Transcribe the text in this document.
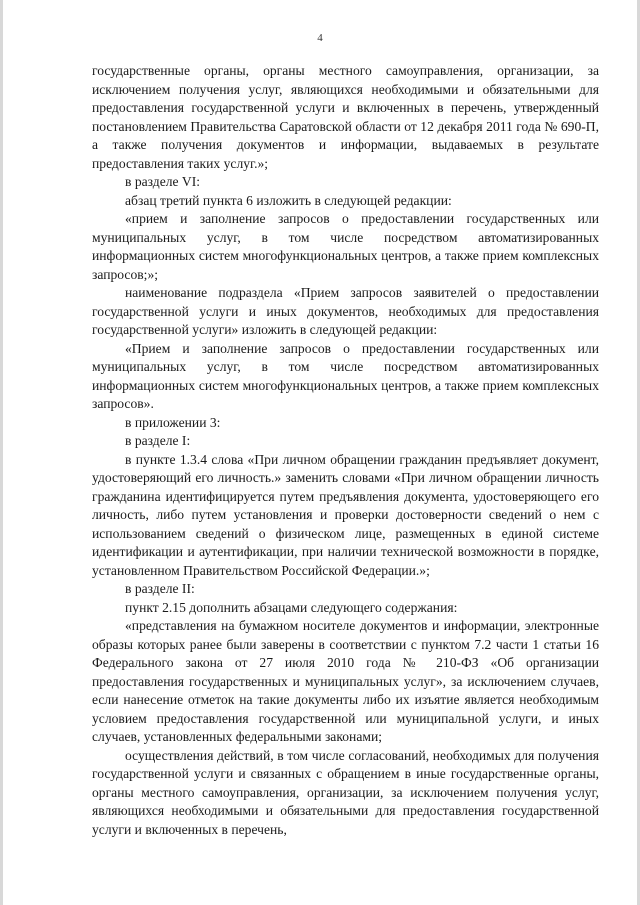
4

государственные органы, органы местного самоуправления, организации, за исключением получения услуг, являющихся необходимыми и обязательными для предоставления государственной услуги и включенных в перечень, утвержденный постановлением Правительства Саратовской области от 12 декабря 2011 года № 690-П, а также получения документов и информации, выдаваемых в результате предоставления таких услуг.»;

в разделе VI:

абзац третий пункта 6 изложить в следующей редакции:

«прием и заполнение запросов о предоставлении государственных или муниципальных услуг, в том числе посредством автоматизированных информационных систем многофункциональных центров, а также прием комплексных запросов;»;

наименование подраздела «Прием запросов заявителей о предоставлении государственной услуги и иных документов, необходимых для предоставления государственной услуги» изложить в следующей редакции:

«Прием и заполнение запросов о предоставлении государственных или муниципальных услуг, в том числе посредством автоматизированных информационных систем многофункциональных центров, а также прием комплексных запросов».

в приложении 3:

в разделе I:

в пункте 1.3.4 слова «При личном обращении гражданин предъявляет документ, удостоверяющий его личность.» заменить словами «При личном обращении личность гражданина идентифицируется путем предъявления документа, удостоверяющего его личность, либо путем установления и проверки достоверности сведений о нем с использованием сведений о физическом лице, размещенных в единой системе идентификации и аутентификации, при наличии технической возможности в порядке, установленном Правительством Российской Федерации.»;

в разделе II:

пункт 2.15 дополнить абзацами следующего содержания:

«представления на бумажном носителе документов и информации, электронные образы которых ранее были заверены в соответствии с пунктом 7.2 части 1 статьи 16 Федерального закона от 27 июля 2010 года № 210-ФЗ «Об организации предоставления государственных и муниципальных услуг», за исключением случаев, если нанесение отметок на такие документы либо их изъятие является необходимым условием предоставления государственной или муниципальной услуги, и иных случаев, установленных федеральными законами;

осуществления действий, в том числе согласований, необходимых для получения государственной услуги и связанных с обращением в иные государственные органы, органы местного самоуправления, организации, за исключением получения услуг, являющихся необходимыми и обязательными для предоставления государственной услуги и включенных в перечень,
